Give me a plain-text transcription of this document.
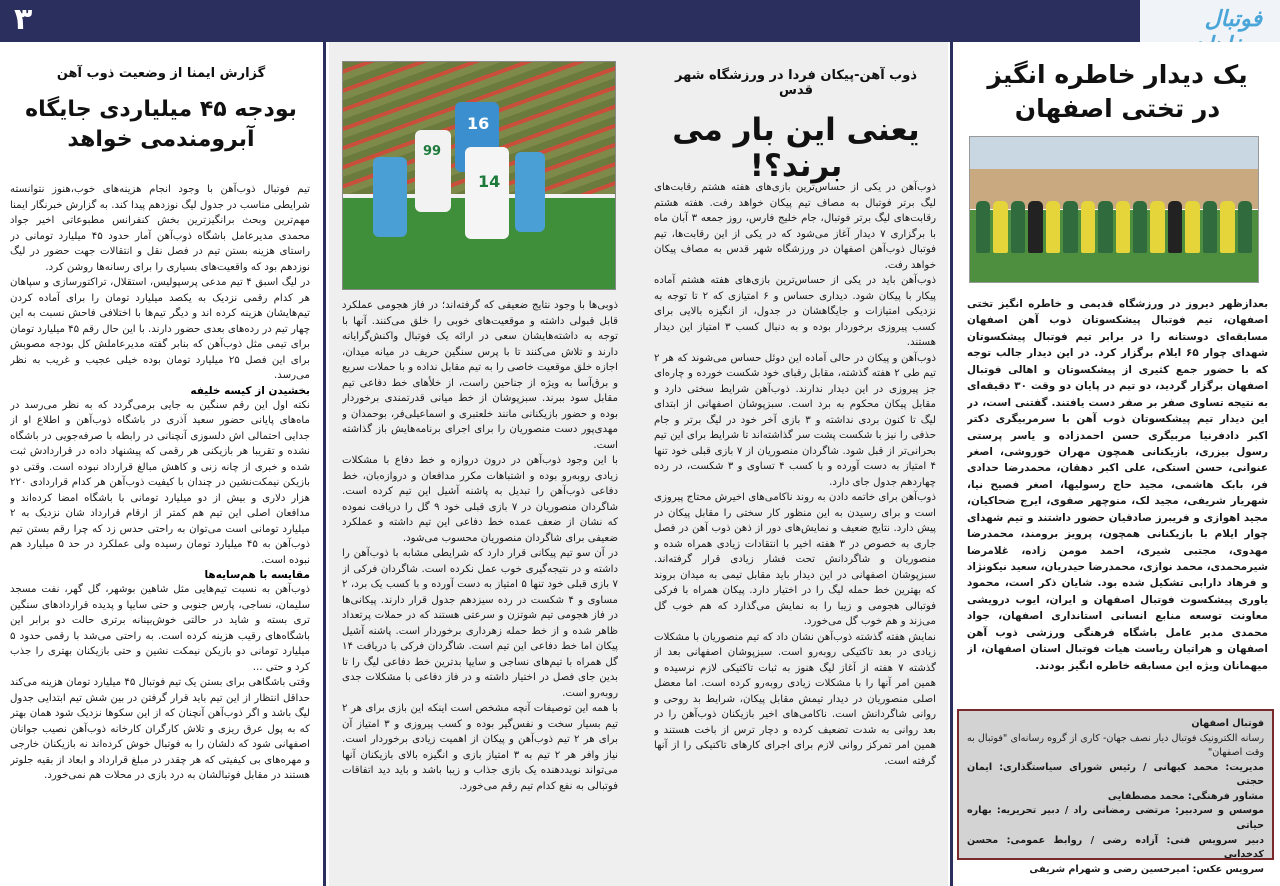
۳	فوتبال
یک دیدار خاطره انگیز
در تختی اصفهان
بعدازظهر دیروز در ورزشگاه قدیمی و خاطره انگیز تختی اصفهان، تیم فوتبال پیشکسوتان ذوب آهن اصفهان مسابقه‌ای دوستانه را در برابر تیم فوتبال پیشکسوتان شهدای چوار ۶۵ ایلام برگزار کرد. در این دیدار جالب توجه که با حضور جمع کثیری از پیشکسوتان و اهالی فوتبال اصفهان برگزار گردید، دو تیم در پایان دو وقت ۳۰ دقیقه‌ای به نتیجه تساوی صفر بر صفر دست یافتند. گفتنی است، در این دیدار تیم پیشکسوتان ذوب آهن با سرمربیگری دکتر اکبر دادفرنیا مربیگری حسن احمدزاده و یاسر پرستی رسول بیزری، بازیکنانی همچون مهران خوروشی، اصغر عنوانی، حسن استکی، علی اکبر دهقان، محمدرضا حدادی فر، بابک هاشمی، مجید حاج رسولیها، اصغر فصیح نیا، شهریار شریفی، مجید لک، منوچهر صفوی، ایرج ضحاکیان، مجید اهوازی و فریبرز صادقیان حضور داشتند و تیم شهدای چوار ایلام با بازیکنانی همچون، پرویز برومند، محمدرضا مهدوی، مجتبی شیری، احمد مومن زاده، غلامرضا شیرمحمدی، محمد نوازی، محمدرضا حیدریان، سعید نیکونژاد و فرهاد دارابی تشکیل شده بود. شایان ذکر است، محمود یاوری پیشکسوت فوتبال اصفهان و ایران، ایوب درویشی معاونت توسعه منابع انسانی استانداری اصفهان، جواد محمدی مدیر عامل باشگاه فرهنگی ورزشی ذوب آهن اصفهان و هراتیان ریاست هیات فوتبال استان اصفهان، از میهمانان ویژه این مسابقه خاطره انگیز بودند.
فوتبال اصفهان
رسانه الکترونیک فوتبال دیار نصف جهان- کاری از گروه رسانه‌ای "فوتبال به وقت اصفهان"
مدیریت: محمد کیهانی / رئیس شورای سیاستگذاری: ایمان حجتی
مشاور فرهنگی: محمد مصطفایی
موسس و سردبیر: مرتضی رمضانی راد / دبیر تحریریه: بهاره حیاتی
دبیر سرویس فنی: آزاده رضی / روابط عمومی: محسن کدخدایی
سرویس عکس: امیرحسین رضی و شهرام شریفی
ذوب آهن-پیکان فردا در ورزشگاه شهر قدس
یعنی این بار می برند؟!

ذوب‌آهن در یکی از حساس‌ترین بازی‌های هفته هشتم رقابت‌های لیگ برتر فوتبال به مصاف تیم پیکان خواهد رفت. هفته هشتم رقابت‌های لیگ برتر فوتبال، جام خلیج فارس، روز جمعه ۳ آبان ماه با برگزاری ۷ دیدار آغاز می‌شود که در یکی از این رقابت‌ها، تیم فوتبال ذوب‌آهن اصفهان در ورزشگاه شهر قدس به مصاف پیکان خواهد رفت.

ذوب‌آهن باید در یکی از حساس‌ترین بازی‌های هفته هشتم آماده پیکار با پیکان شود. دیداری حساس و ۶ امتیازی که ۲ تا توجه به نزدیکی امتیازات و جایگاهشان در جدول، از انگیزه بالایی برای کسب پیروزی برخوردار بوده و به دنبال کسب ۳ امتیاز این دیدار هستند.

ذوب‌آهن و پیکان در حالی آماده این دوئل حساس می‌شوند که هر ۲ تیم طی ۲ هفته گذشته، مقابل رقبای خود شکست خورده و چاره‌ای جز پیروزی در این دیدار ندارند. ذوب‌آهن شرایط سختی دارد و مقابل پیکان محکوم به برد است. سبزپوشان اصفهانی از ابتدای لیگ تا کنون بردی نداشته و ۳ بازی آخر خود در لیگ برتر و جام حذفی را نیز با شکست پشت سر گذاشته‌اند تا شرایط برای این تیم بحرانی‌تر از قبل شود. شاگردان منصوریان از ۷ بازی قبلی خود تنها ۴ امتیاز به دست آورده و با کسب ۴ تساوی و ۳ شکست، در رده چهاردهم جدول جای دارد.

ذوب‌آهن برای خاتمه دادن به روند ناکامی‌های اخیرش محتاج پیروزی است و برای رسیدن به این منظور کار سختی را مقابل پیکان در پیش دارد. نتایج ضعیف و نمایش‌های دور از ذهن ذوب آهن در فصل جاری به خصوص در ۳ هفته اخیر با انتقادات زیادی همراه شده و منصوریان و شاگردانش تحت فشار زیادی قرار گرفته‌اند. سبزپوشان اصفهانی در این دیدار باید مقابل تیمی به میدان بروند که بهترین خط حمله لیگ را در اختیار دارد. پیکان همراه با فرکی فوتبالی هجومی و زیبا را به نمایش می‌گذارد که هم خوب گل می‌زند و هم خوب گل می‌خورد.

نمایش هفته گذشته ذوب‌آهن نشان داد که تیم منصوریان با مشکلات زیادی در بعد تاکتیکی روبه‌رو است. سبزپوشان اصفهانی بعد از گذشته ۷ هفته از آغاز لیگ هنوز به ثبات تاکتیکی لازم نرسیده و همین امر آنها را با مشکلات زیادی روبه‌رو کرده است. اما معضل اصلی منصوریان در دیدار تیمش مقابل پیکان، شرایط بد روحی و روانی شاگردانش است. ناکامی‌های اخیر بازیکنان ذوب‌آهن را در بعد روانی به شدت تضعیف کرده و دچار ترس از باخت هستند و همین امر تمرکز روانی لازم برای اجرای کارهای تاکتیکی را از آنها گرفته است.

16
14
99

ذوبی‌ها با وجود نتایج ضعیفی که گرفته‌اند؛ در فاز هجومی عملکرد قابل قبولی داشته و موقعیت‌های خوبی را خلق می‌کنند. آنها با توجه به داشته‌هایشان سعی در ارائه یک فوتبال واکنش‌گرایانه دارند و تلاش می‌کنند تا با پرس سنگین حریف در میانه میدان، اجازه خلق موقعیت خاصی را به تیم مقابل نداده و با حملات سریع و برق‌آسا به ویژه از جناحین راست، از خلأهای خط دفاعی تیم مقابل سود ببرند. سبزپوشان از خط میانی قدرتمندی برخوردار بوده و حضور بازیکنانی مانند خلعتبری و اسماعیلی‌فر، بوحمدان و مهدی‌پور دست منصوریان را برای اجرای برنامه‌هایش باز گذاشته است.

با این وجود ذوب‌آهن در درون دروازه و خط دفاع با مشکلات زیادی روبه‌رو بوده و اشتباهات مکرر مدافعان و دروازه‌بان، خط دفاعی ذوب‌آهن را تبدیل به پاشنه آشیل این تیم کرده است. شاگردان منصوریان در ۷ بازی قبلی خود ۹ گل را دریافت نموده که نشان از ضعف عمده خط دفاعی این تیم داشته و عملکرد ضعیفی برای شاگردان منصوریان محسوب می‌شود.

در آن سو تیم پیکانی قرار دارد که شرایطی مشابه با ذوب‌آهن را داشته و در نتیجه‌گیری خوب عمل نکرده است. شاگردان فرکی از ۷ بازی قبلی خود تنها ۵ امتیاز به دست آورده و با کسب یک برد، ۲ مساوی و ۴ شکست در رده سیزدهم جدول قرار دارند. پیکانی‌ها در فاز هجومی تیم شوتزن و سرعتی هستند که در حملات پرتعداد ظاهر شده و از خط حمله زهرداری برخوردار است. پاشنه آشیل پیکان اما خط دفاعی این تیم است. شاگردان فرکی با دریافت ۱۴ گل همراه با تیم‌های نساجی و سایپا بدترین خط دفاعی لیگ را تا بدین جای فصل در اختیار داشته و در فاز دفاعی با مشکلات جدی روبه‌رو است.

با همه این توصیفات آنچه مشخص است اینکه این بازی برای هر ۲ تیم بسیار سخت و نفس‌گیر بوده و کسب پیروزی و ۳ امتیاز آن برای هر ۲ تیم ذوب‌آهن و پیکان از اهمیت زیادی برخوردار است. نیاز وافر هر ۲ تیم به ۳ امتیاز بازی و انگیزه بالای بازیکنان آنها می‌تواند نوید‌دهنده یک بازی جذاب و زیبا باشد و باید دید اتفاقات فوتبالی به نفع کدام تیم رقم می‌خورد.

گزارش ایمنا از وضعیت ذوب آهن
بودجه ۴۵ میلیاردی جایگاه
آبرومندمی خواهد

تیم فوتبال ذوب‌آهن با وجود انجام هزینه‌های خوب،هنوز نتوانسته شرایطی مناسب در جدول لیگ نوزدهم پیدا کند. به گزارش خبرنگار ایمنا مهم‌ترین وبحث برانگیزترین بخش کنفرانس مطبوعاتی اخیر جواد محمدی مدیرعامل باشگاه ذوب‌آهن آمار حدود ۴۵ میلیارد تومانی در راستای هزینه بستن تیم در فصل نقل و انتقالات جهت حضور در لیگ نوزدهم بود که واقعیت‌های بسیاری را برای رسانه‌ها روشن کرد.

در لیگ اسبق ۴ تیم مدعی پرسپولیس، استقلال، تراکتورسازی و سپاهان هر کدام رقمی نزدیک به یکصد میلیارد تومان را برای آماده کردن تیم‌هایشان هزینه کرده اند و دیگر تیم‌ها با اختلافی فاحش نسبت به این چهار تیم در رده‌های بعدی حضور دارند. با این حال رقم ۴۵ میلیارد تومان برای تیمی مثل ذوب‌آهن که بنابر گفته مدیرعاملش کل بودجه مصوبش برای این فصل ۲۵ میلیارد تومان بوده خیلی عجیب و غریب به نظر می‌رسد.

بخشیدن از کیسه خلیفه

نکته اول این رقم سنگین به جایی برمی‌گردد که به نظر می‌رسد در ماه‌های پایانی حضور سعید آذری در باشگاه ذوب‌آهن و اطلاع او از جدایی احتمالی اش دلسوزی آنچنانی در رابطه با صرفه‌جویی در باشگاه نشده و تقریبا هر بازیکنی هر رقمی که پیشنهاد داده در قراردادش ثبت شده و خبری از چانه زنی و کاهش مبالغ قرارداد نبوده است. وقتی دو بازیکن نیمکت‌نشین در چندان با کیفیت ذوب‌آهن هر کدام قراردادی ۲۲۰ هزار دلاری و بیش از دو میلیارد تومانی با باشگاه امضا کرده‌اند و مدافعان اصلی این تیم هم کمتر از ارقام قرارداد شان نزدیک به ۲ میلیارد تومانی است می‌توان به راحتی حدس زد که چرا رقم بستن تیم ذوب‌آهن به ۴۵ میلیارد تومان رسیده ولی عملکرد در حد ۵ میلیارد هم نبوده است.

مقایسه با هم‌سایه‌ها

ذوب‌آهن به نسبت تیم‌هایی مثل شاهین بوشهر، گل گهر، نفت مسجد سلیمان، نساجی، پارس جنوبی و حتی سایپا و پدیده قراردادهای سنگین تری بسته و شاید در حالتی خوش‌بینانه برتری حالت دو برابر این باشگاه‌های رقیب هزینه کرده است. به راحتی می‌شد با رقمی حدود ۵ میلیارد تومانی دو بازیکن نیمکت نشین و حتی بازیکنان بهتری را جذب کرد و حتی ...

وقتی باشگاهی برای بستن یک تیم فوتبال ۴۵ میلیارد تومان هزینه می‌کند حداقل انتظار از این تیم باید قرار گرفتن در بین شش تیم ابتدایی جدول لیگ باشد و اگر ذوب‌آهن آنچنان که از این سکوها نزدیک شود همان بهتر که به پول عرق ریزی و تلاش کارگران کارخانه ذوب‌آهن نصیب جوانان اصفهانی شود که دلشان را به فوتبال خوش کرده‌اند نه بازیکنان خارجی و مهره‌های بی کیفیتی که هر چقدر در مبلغ قرارداد و ابعاد از بقیه جلوتر هستند در مقابل فوتبالشان به درد بازی در محلات هم نمی‌خورد.
